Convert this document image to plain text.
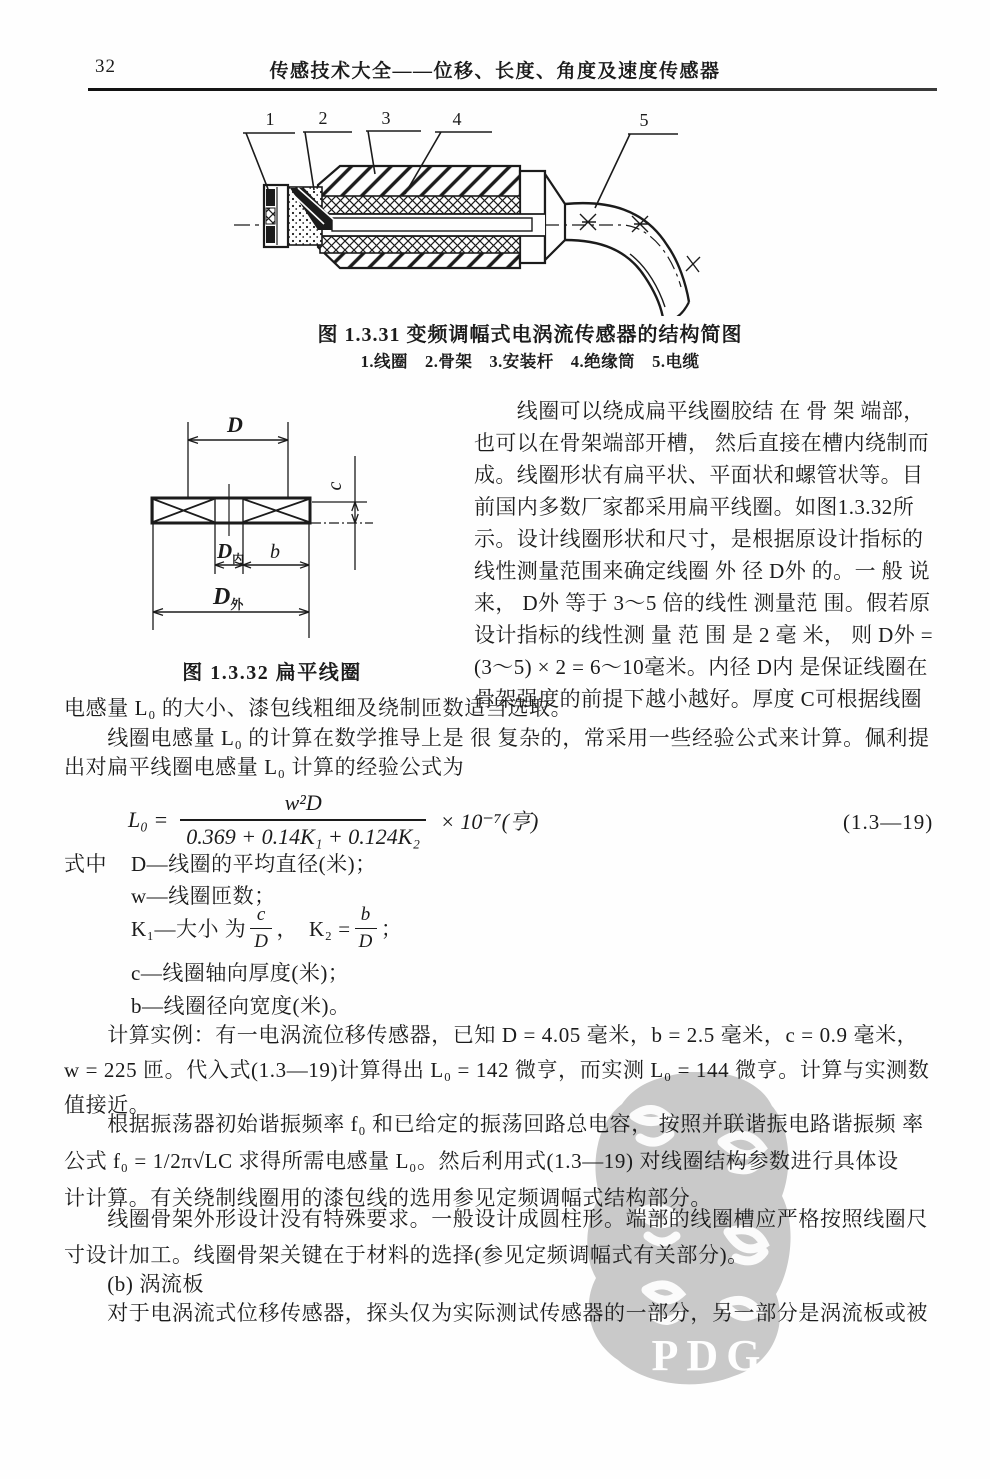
PDG
32	传感技术大全——位移、长度、角度及速度传感器
1 2	3	4	5
图 1.3.31 变频调幅式电涡流传感器的结构简图
1.线圈　2.骨架　3.安装杆　4.绝缘筒　5.电缆
D
c
$D_内$ b
$D_外$
图 1.3.32 扁平线圈
　　线圈可以绕成扁平线圈胶结 在 骨 架 端部，
也可以在骨架端部开槽， 然后直接在槽内绕制而
成。线圈形状有扁平状、平面状和螺管状等。目
前国内多数厂家都采用扁平线圈。如图1.3.32所
示。设计线圈形状和尺寸，是根据原设计指标的
线性测量范围来确定线圈 外 径 D外 的。一 般 说
来， D外 等于 3～5 倍的线性 测量范 围。假若原
设计指标的线性测 量 范 围 是 2 毫 米， 则 D外 =
(3～5) × 2 = 6～10毫米。内径 D内 是保证线圈在
骨架强度的前提下越小越好。厚度 C可根据线圈
电感量 L₀ 的大小、漆包线粗细及绕制匝数适当选取。
　　线圈电感量 L₀ 的计算在数学推导上是 很 复杂的，常采用一些经验公式来计算。佩利提
出对扁平线圈电感量 L₀ 计算的经验公式为
$L_0 = \frac{\text{w²D}}{\text{0.369 + 0.14K₁ + 0.124K₂}} \times 10^{-7}$(亨)	(1.3—19)
式中 D—线圈的平均直径(米)；
w—线圈匝数；
K₁—大小 为 $\frac{c}{D}$ ，　$K_2 = \frac{b}{D}$ ；
c—线圈轴向厚度(米)；
b—线圈径向宽度(米)。
　　计算实例：有一电涡流位移传感器，已知 D = 4.05 毫米，b = 2.5 毫米，c = 0.9 毫米，
w = 225 匝。代入式(1.3—19)计算得出 L₀ = 142 微亨，而实测 L₀ = 144 微亨。计算与实测数
值接近。
　　根据振荡器初始谐振频率 f₀ 和已给定的振荡回路总电容， 按照并联谐振电路谐振频 率
公式 f₀ = 1/2π√LC 求得所需电感量 L₀。然后利用式(1.3—19) 对线圈结构参数进行具体设
计计算。有关绕制线圈用的漆包线的选用参见定频调幅式结构部分。
　　线圈骨架外形设计没有特殊要求。一般设计成圆柱形。端部的线圈槽应严格按照线圈尺
寸设计加工。线圈骨架关键在于材料的选择(参见定频调幅式有关部分)。
　　(b) 涡流板
　　对于电涡流式位移传感器，探头仅为实际测试传感器的一部分，另一部分是涡流板或被
